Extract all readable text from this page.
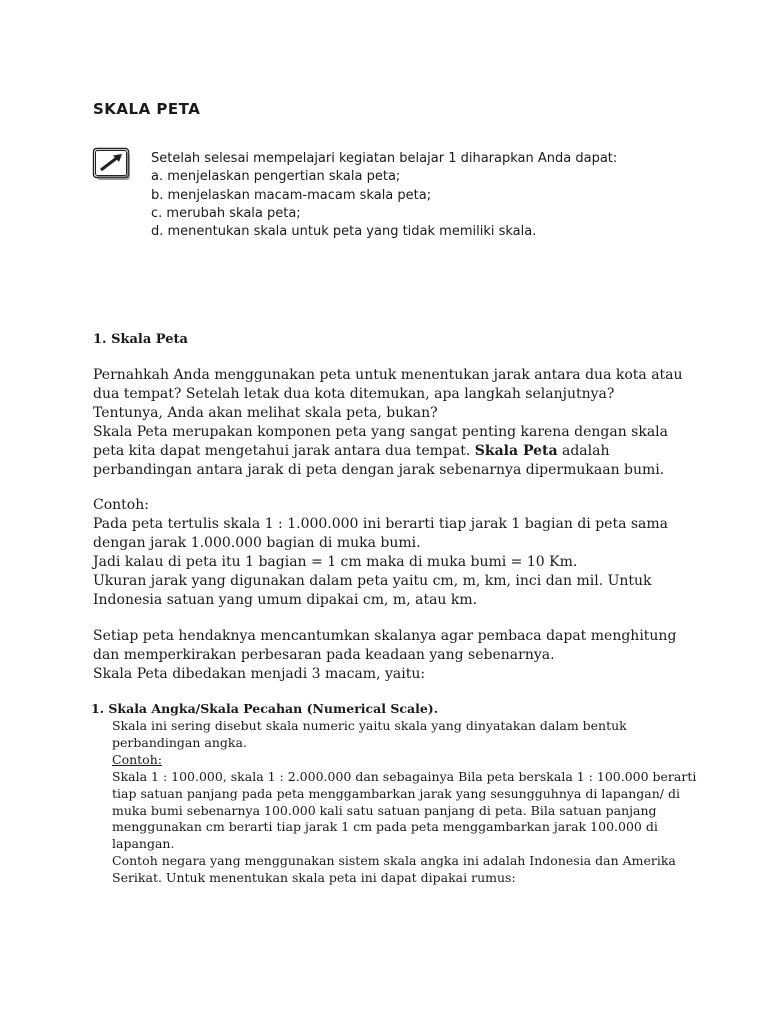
SKALA PETA
Setelah selesai mempelajari kegiatan belajar 1 diharapkan Anda dapat:
a. menjelaskan pengertian skala peta;
b. menjelaskan macam-macam skala peta;
c. merubah skala peta;
d. menentukan skala untuk peta yang tidak memiliki skala.
1. Skala Peta

Pernahkah Anda menggunakan peta untuk menentukan jarak antara dua kota atau

dua tempat? Setelah letak dua kota ditemukan, apa langkah selanjutnya?

Tentunya, Anda akan melihat skala peta, bukan?

Skala Peta merupakan komponen peta yang sangat penting karena dengan skala

peta kita dapat mengetahui jarak antara dua tempat. Skala Peta adalah

perbandingan antara jarak di peta dengan jarak sebenarnya dipermukaan bumi.

Contoh:

Pada peta tertulis skala 1 : 1.000.000 ini berarti tiap jarak 1 bagian di peta sama

dengan jarak 1.000.000 bagian di muka bumi.

Jadi kalau di peta itu 1 bagian = 1 cm maka di muka bumi = 10 Km.

Ukuran jarak yang digunakan dalam peta yaitu cm, m, km, inci dan mil. Untuk

Indonesia satuan yang umum dipakai cm, m, atau km.

Setiap peta hendaknya mencantumkan skalanya agar pembaca dapat menghitung

dan memperkirakan perbesaran pada keadaan yang sebenarnya.

Skala Peta dibedakan menjadi 3 macam, yaitu:

1. Skala Angka/Skala Pecahan (Numerical Scale).

Skala ini sering disebut skala numeric yaitu skala yang dinyatakan dalam bentuk

perbandingan angka.

Contoh:

Skala 1 : 100.000, skala 1 : 2.000.000 dan sebagainya Bila peta berskala 1 : 100.000 berarti

tiap satuan panjang pada peta menggambarkan jarak yang sesungguhnya di lapangan/ di

muka bumi sebenarnya 100.000 kali satu satuan panjang di peta. Bila satuan panjang

menggunakan cm berarti tiap jarak 1 cm pada peta menggambarkan jarak 100.000 di

lapangan.

Contoh negara yang menggunakan sistem skala angka ini adalah Indonesia dan Amerika

Serikat. Untuk menentukan skala peta ini dapat dipakai rumus:
